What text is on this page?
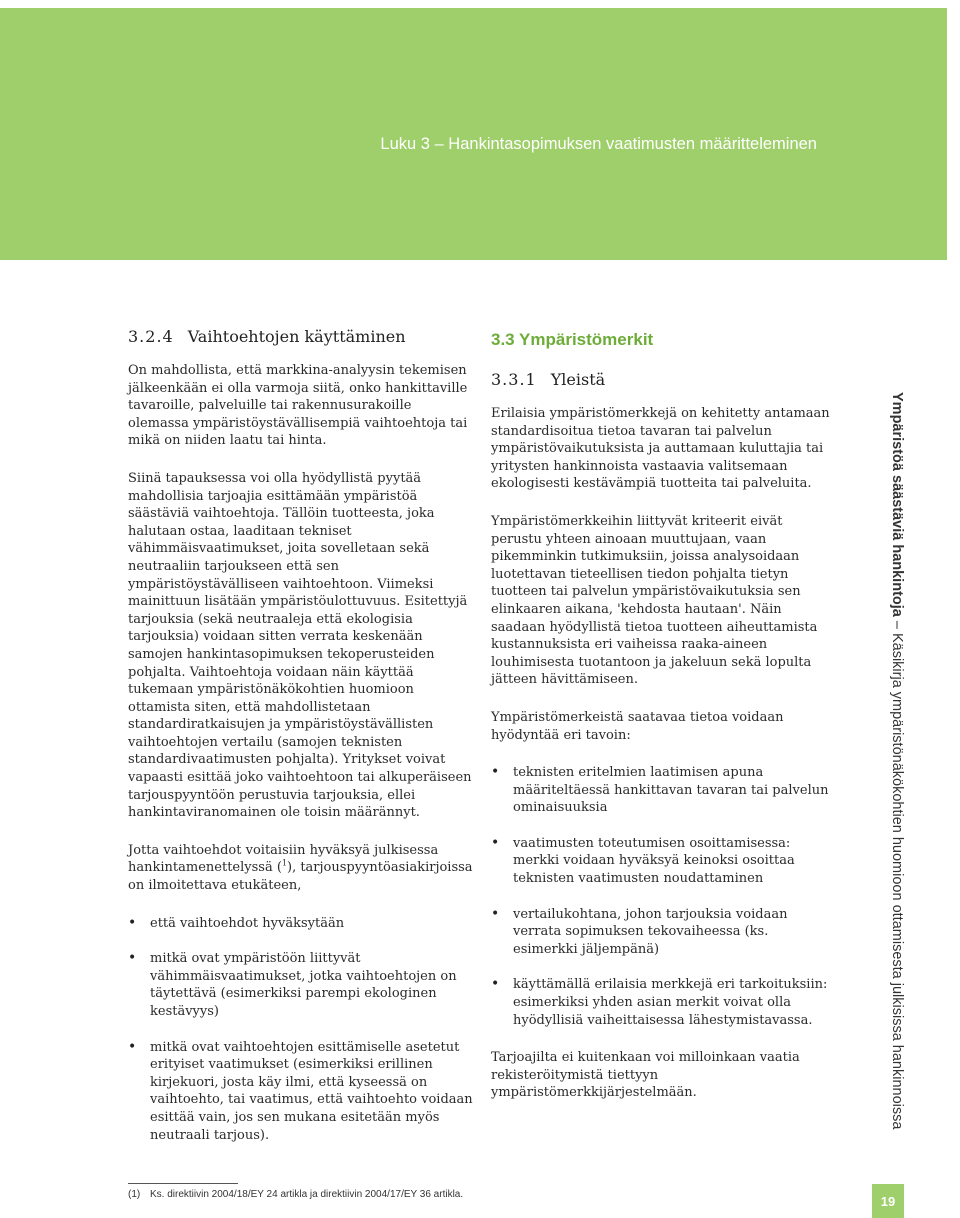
Luku 3 – Hankintasopimuksen vaatimusten määritteleminen
3.2.4 Vaihtoehtojen käyttäminen

On mahdollista, että markkina-analyysin tekemisen jälkeenkään ei olla varmoja siitä, onko hankittaville tavaroille, palveluille tai rakennusurakoille olemassa ympäristöystävällisempiä vaihtoehtoja tai mikä on niiden laatu tai hinta.

Siinä tapauksessa voi olla hyödyllistä pyytää mahdollisia tarjoajia esittämään ympäristöä säästäviä vaihtoehtoja. Tällöin tuotteesta, joka halutaan ostaa, laaditaan tekniset vähimmäisvaatimukset, joita sovelletaan sekä neutraaliin tarjoukseen että sen ympäristöystävälliseen vaihtoehtoon. Viimeksi mainittuun lisätään ympäristöulottuvuus. Esitettyjä tarjouksia (sekä neutraaleja että ekologisia tarjouksia) voidaan sitten verrata keskenään samojen hankintasopimuksen tekoperusteiden pohjalta. Vaihtoehtoja voidaan näin käyttää tukemaan ympäristönäkökohtien huomioon ottamista siten, että mahdollistetaan standardiratkaisujen ja ympäristöystävällisten vaihtoehtojen vertailu (samojen teknisten standardivaatimusten pohjalta). Yritykset voivat vapaasti esittää joko vaihtoehtoon tai alkuperäiseen tarjouspyyntöön perustuvia tarjouksia, ellei hankintaviranomainen ole toisin määrännyt.

Jotta vaihtoehdot voitaisiin hyväksyä julkisessa hankintamenettelyssä ($^1$), tarjouspyyntöasiakirjoissa on ilmoitettava etukäteen,

• että vaihtoehdot hyväksytään
• mitkä ovat ympäristöön liittyvät vähimmäisvaatimukset, jotka vaihtoehtojen on täytettävä (esimerkiksi parempi ekologinen kestävyys)
• mitkä ovat vaihtoehtojen esittämiselle asetetut erityiset vaatimukset (esimerkiksi erillinen kirjekuori, josta käy ilmi, että kyseessä on vaihtoehto, tai vaatimus, että vaihtoehto voidaan esittää vain, jos sen mukana esitetään myös neutraali tarjous).
3.3 Ympäristömerkit
3.3.1 Yleistä

Erilaisia ympäristömerkkejä on kehitetty antamaan standardisoitua tietoa tavaran tai palvelun ympäristövaikutuksista ja auttamaan kuluttajia tai yritysten hankinnoista vastaavia valitsemaan ekologisesti kestävämpiä tuotteita tai palveluita.

Ympäristömerkkeihin liittyvät kriteerit eivät perustu yhteen ainoaan muuttujaan, vaan pikemminkin tutkimuksiin, joissa analysoidaan luotettavan tieteellisen tiedon pohjalta tietyn tuotteen tai palvelun ympäristövaikutuksia sen elinkaaren aikana, 'kehdosta hautaan'. Näin saadaan hyödyllistä tietoa tuotteen aiheuttamista kustannuksista eri vaiheissa raaka-aineen louhimisesta tuotantoon ja jakeluun sekä lopulta jätteen hävittämiseen.

Ympäristömerkeistä saatavaa tietoa voidaan hyödyntää eri tavoin:

• teknisten eritelmien laatimisen apuna määriteltäessä hankittavan tavaran tai palvelun ominaisuuksia
• vaatimusten toteutumisen osoittamisessa: merkki voidaan hyväksyä keinoksi osoittaa teknisten vaatimusten noudattaminen
• vertailukohtana, johon tarjouksia voidaan verrata sopimuksen tekovaiheessa (ks. esimerkki jäljempänä)
• käyttämällä erilaisia merkkejä eri tarkoituksiin: esimerkiksi yhden asian merkit voivat olla hyödyllisiä vaiheittaisessa lähestymistavassa.

Tarjoajilta ei kuitenkaan voi milloinkaan vaatia rekisteröitymistä tiettyyn ympäristömerkkijärjestelmään.

Ympäristöä säästäviä hankintoja – Käsikirja ympäristönäkökohtien huomioon ottamisesta julkisissa hankinnoissa
(1) Ks. direktiivin 2004/18/EY 24 artikla ja direktiivin 2004/17/EY 36 artikla.	19
